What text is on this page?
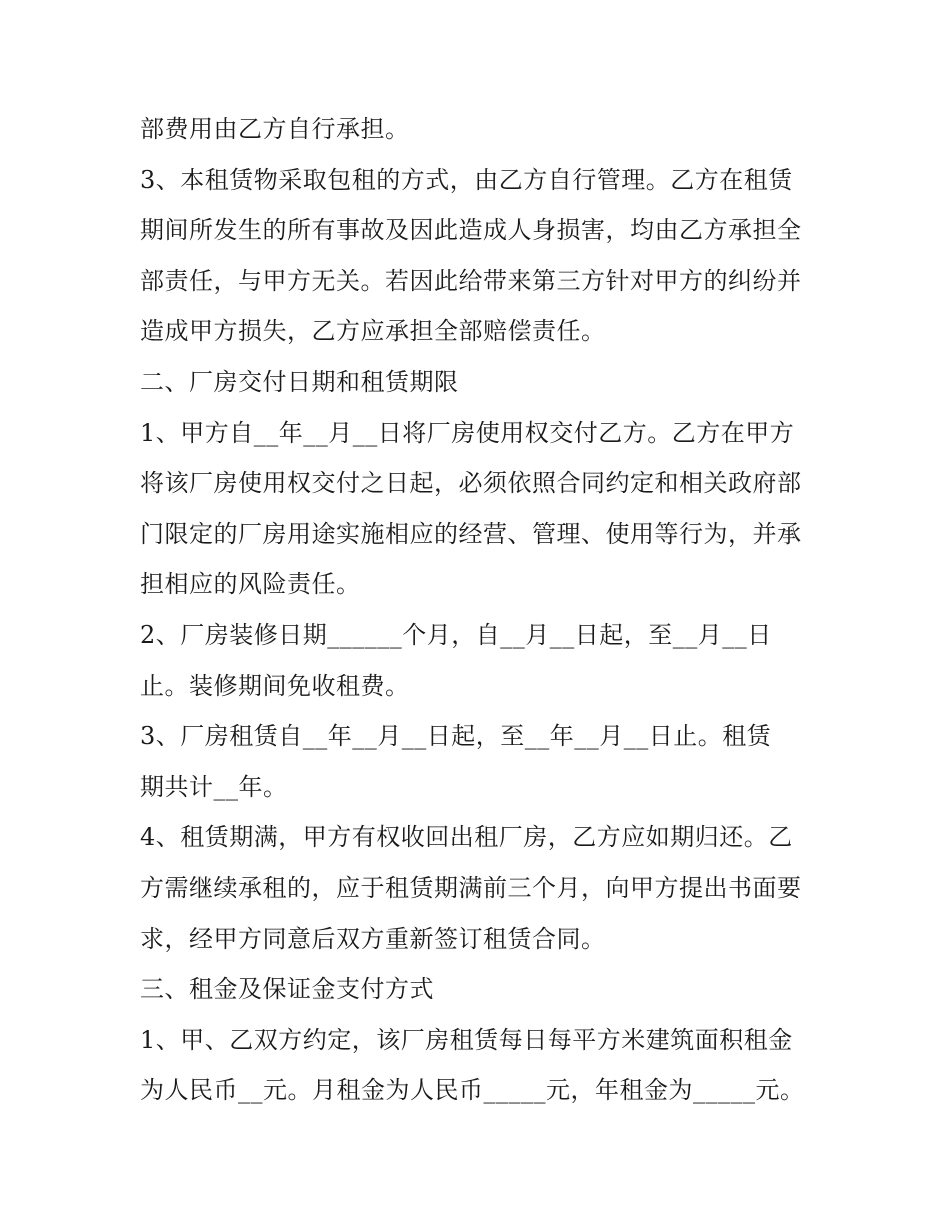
部费用由乙方自行承担。
3、本租赁物采取包租的方式，由乙方自行管理。乙方在租赁
期间所发生的所有事故及因此造成人身损害，均由乙方承担全
部责任，与甲方无关。若因此给带来第三方针对甲方的纠纷并
造成甲方损失，乙方应承担全部赔偿责任。
二、厂房交付日期和租赁期限
1、甲方自__年__月__日将厂房使用权交付乙方。乙方在甲方
将该厂房使用权交付之日起，必须依照合同约定和相关政府部
门限定的厂房用途实施相应的经营、管理、使用等行为，并承
担相应的风险责任。
2、厂房装修日期______个月，自__月__日起，至__月__日
止。装修期间免收租费。
3、厂房租赁自__年__月__日起，至__年__月__日止。租赁
期共计__年。
4、租赁期满，甲方有权收回出租厂房，乙方应如期归还。乙
方需继续承租的，应于租赁期满前三个月，向甲方提出书面要
求，经甲方同意后双方重新签订租赁合同。
三、租金及保证金支付方式
1、甲、乙双方约定，该厂房租赁每日每平方米建筑面积租金
为人民币__元。月租金为人民币_____元，年租金为_____元。
